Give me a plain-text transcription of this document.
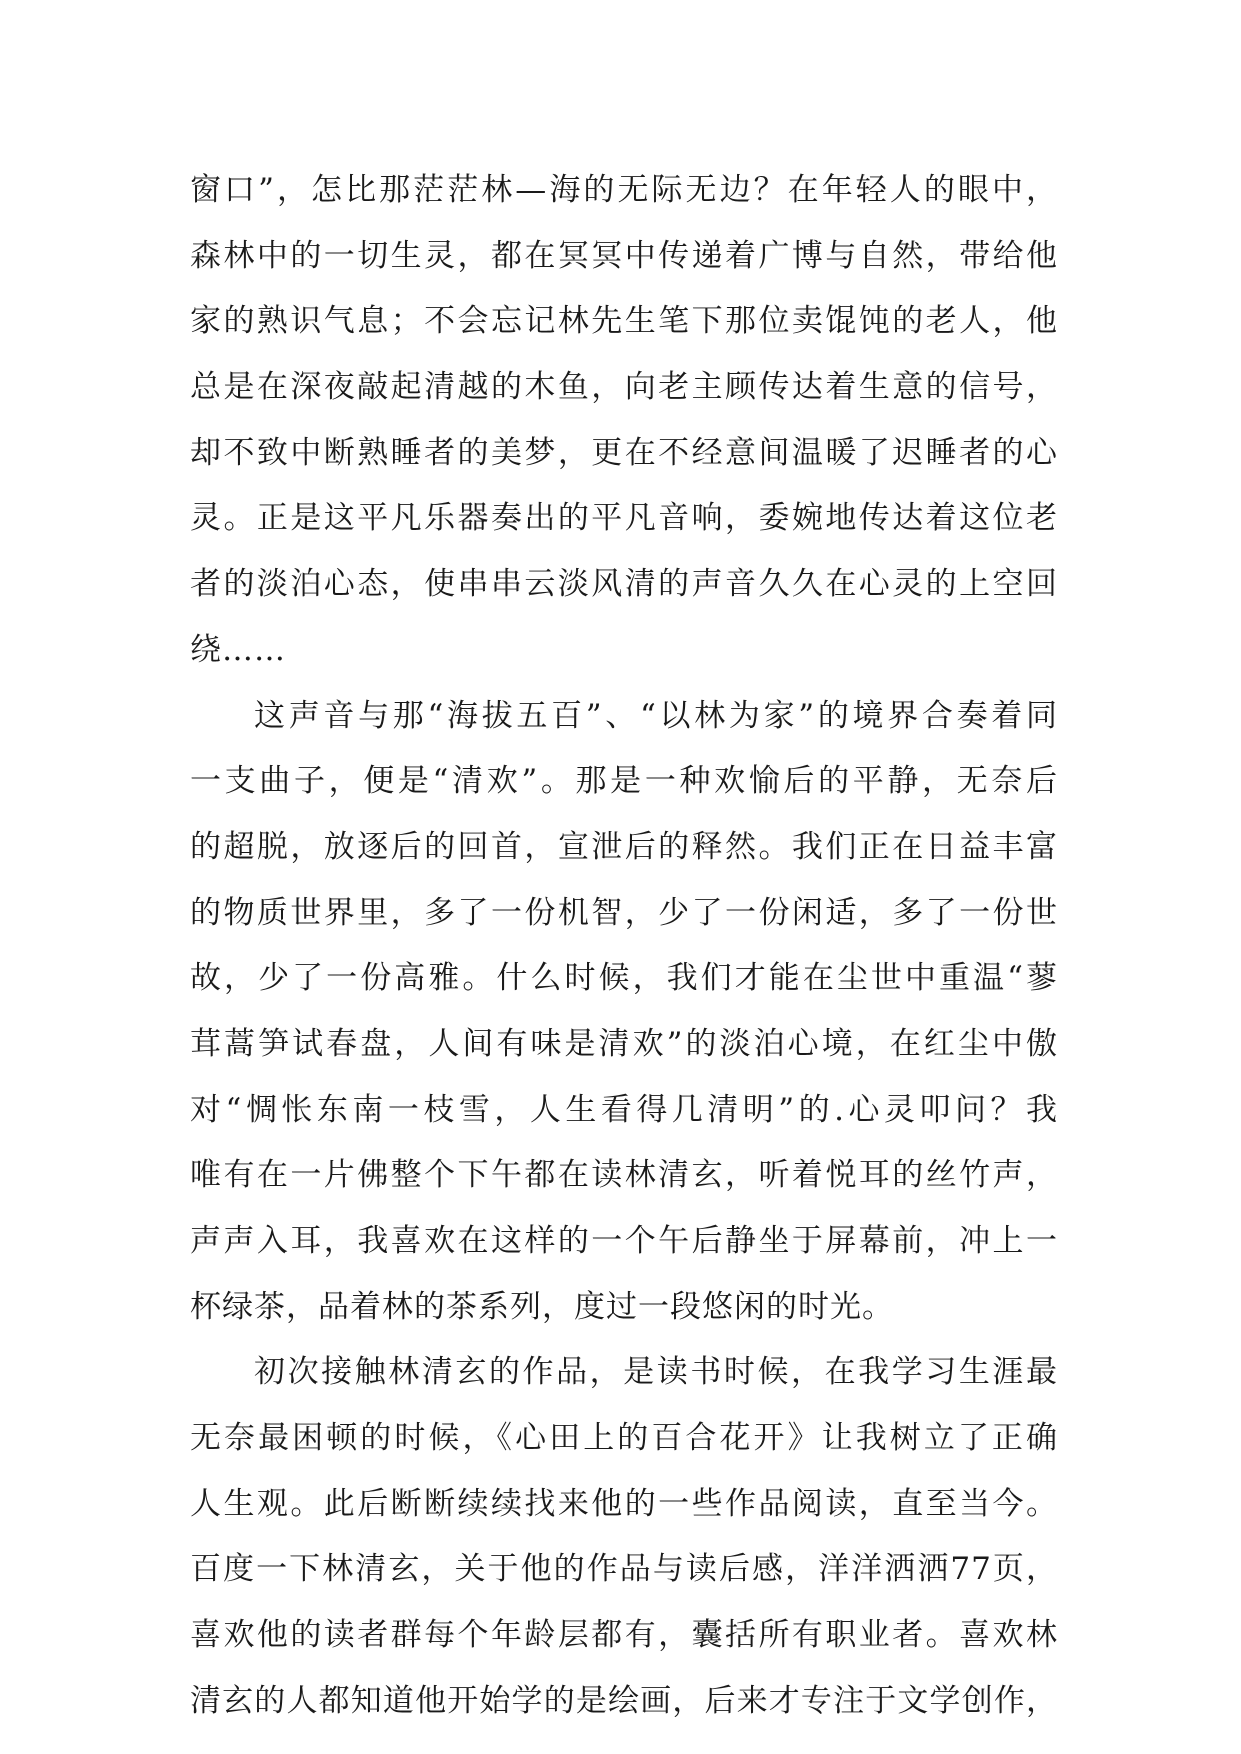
窗口”，怎比那茫茫林—海的无际无边？在年轻人的眼中，
森林中的一切生灵，都在冥冥中传递着广博与自然，带给他
家的熟识气息；不会忘记林先生笔下那位卖馄饨的老人，他
总是在深夜敲起清越的木鱼，向老主顾传达着生意的信号，
却不致中断熟睡者的美梦，更在不经意间温暖了迟睡者的心
灵。正是这平凡乐器奏出的平凡音响，委婉地传达着这位老
者的淡泊心态，使串串云淡风清的声音久久在心灵的上空回
绕……
这声音与那“海拔五百”、“以林为家”的境界合奏着同
一支曲子，便是“清欢”。那是一种欢愉后的平静，无奈后
的超脱，放逐后的回首，宣泄后的释然。我们正在日益丰富
的物质世界里，多了一份机智，少了一份闲适，多了一份世
故，少了一份高雅。什么时候，我们才能在尘世中重温“蓼
茸蒿笋试春盘，人间有味是清欢”的淡泊心境，在红尘中傲
对“惆怅东南一枝雪，人生看得几清明”的.心灵叩问？我
唯有在一片佛整个下午都在读林清玄，听着悦耳的丝竹声，
声声入耳，我喜欢在这样的一个午后静坐于屏幕前，冲上一
杯绿茶，品着林的茶系列，度过一段悠闲的时光。
初次接触林清玄的作品，是读书时候，在我学习生涯最
无奈最困顿的时候，《心田上的百合花开》让我树立了正确
人生观。此后断断续续找来他的一些作品阅读，直至当今。
百度一下林清玄，关于他的作品与读后感，洋洋洒洒77页，
喜欢他的读者群每个年龄层都有，囊括所有职业者。喜欢林
清玄的人都知道他开始学的是绘画，后来才专注于文学创作，
